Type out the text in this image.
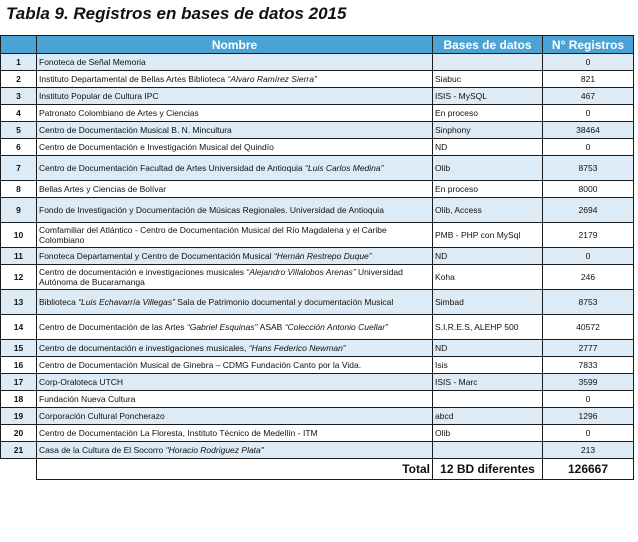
Tabla 9. Registros en bases de datos 2015
	Nombre	Bases de datos	N° Registros
1	Fonoteca de Señal Memoria		0
2	Instituto Departamental de Bellas Artes Biblioteca “Alvaro Ramírez Sierra”	Siabuc	821
3	Instituto Popular de Cultura IPC	ISIS - MySQL	467
4	Patronato Colombiano de Artes y Ciencias	En proceso	0
5	Centro de Documentación Musical B. N. Mincultura	Sinphony	38464
6	Centro de Documentación e Investigación Musical del Quindío	ND	0
7	Centro de Documentación Facultad de Artes Universidad de Antioquia “Luis Carlos Medina”	Olib	8753
8	Bellas Artes y Ciencias de Bolívar	En proceso	8000
9	Fondo de Investigación y Documentación de Músicas Regionales. Universidad de Antioquia	Olib, Access	2694
10	Comfamiliar del Atlántico - Centro de Documentación Musical del Río Magdalena y el Caribe Colombiano	PMB - PHP con MySql	2179
11	Fonoteca Departamental y Centro de Documentación Musical “Hernán Restrepo Duque”	ND	0
12	Centro de documentación e investigaciones musicales “Alejandro Villalobos Arenas” Universidad Autónoma de Bucaramanga	Koha	246
13	Biblioteca “Luis Echavarría Villegas” Sala de Patrimonio documental y documentación Musical	Simbad	8753
14	Centro de Documentación de las Artes “Gabriel Esquinas” ASAB “Colección Antonio Cuellar”	S.I.R.E.S, ALEHP 500	40572
15	Centro de documentación e investigaciones musicales, “Hans Federico Newman”	ND	2777
16	Centro de Documentación Musical de Ginebra – CDMG Fundación Canto por la Vida.	Isis	7833
17	Corp-Oraloteca UTCH	ISIS - Marc	3599
18	Fundación Nueva Cultura		0
19	Corporación Cultural Poncherazo	abcd	1296
20	Centro de Documentación La Floresta, Instituto Técnico de Medellín - ITM	Olib	0
21	Casa de la Cultura de El Socorro "Horacio Rodriguez Plata"		213
	Total	12 BD diferentes	126667
